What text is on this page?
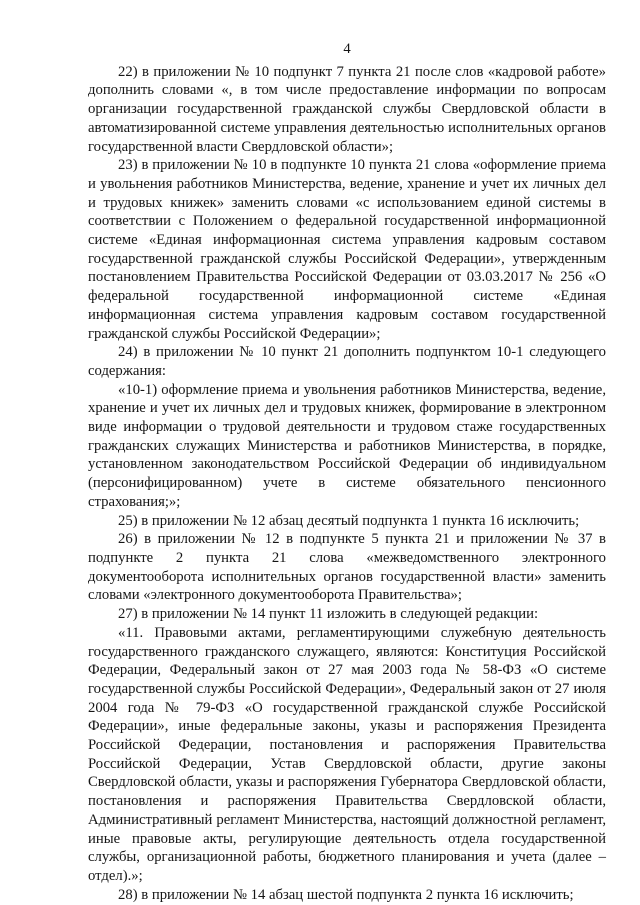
4

22) в приложении № 10 подпункт 7 пункта 21 после слов «кадровой работе» дополнить словами «, в том числе предоставление информации по вопросам организации государственной гражданской службы Свердловской области в автоматизированной системе управления деятельностью исполнительных органов государственной власти Свердловской области»;

23) в приложении № 10 в подпункте 10 пункта 21 слова «оформление приема и увольнения работников Министерства, ведение, хранение и учет их личных дел и трудовых книжек» заменить словами «с использованием единой системы в соответствии с Положением о федеральной государственной информационной системе «Единая информационная система управления кадровым составом государственной гражданской службы Российской Федерации», утвержденным постановлением Правительства Российской Федерации от 03.03.2017 № 256 «О федеральной государственной информационной системе «Единая информационная система управления кадровым составом государственной гражданской службы Российской Федерации»;

24) в приложении № 10 пункт 21 дополнить подпунктом 10-1 следующего содержания:

«10-1) оформление приема и увольнения работников Министерства, ведение, хранение и учет их личных дел и трудовых книжек, формирование в электронном виде информации о трудовой деятельности и трудовом стаже государственных гражданских служащих Министерства и работников Министерства, в порядке, установленном законодательством Российской Федерации об индивидуальном (персонифицированном) учете в системе обязательного пенсионного страхования;»;

25) в приложении № 12 абзац десятый подпункта 1 пункта 16 исключить;

26) в приложении № 12 в подпункте 5 пункта 21 и приложении № 37 в подпункте 2 пункта 21 слова «межведомственного электронного документооборота исполнительных органов государственной власти» заменить словами «электронного документооборота Правительства»;

27) в приложении № 14 пункт 11 изложить в следующей редакции:

«11. Правовыми актами, регламентирующими служебную деятельность государственного гражданского служащего, являются: Конституция Российской Федерации, Федеральный закон от 27 мая 2003 года № 58-ФЗ «О системе государственной службы Российской Федерации», Федеральный закон от 27 июля 2004 года № 79-ФЗ «О государственной гражданской службе Российской Федерации», иные федеральные законы, указы и распоряжения Президента Российской Федерации, постановления и распоряжения Правительства Российской Федерации, Устав Свердловской области, другие законы Свердловской области, указы и распоряжения Губернатора Свердловской области, постановления и распоряжения Правительства Свердловской области, Административный регламент Министерства, настоящий должностной регламент, иные правовые акты, регулирующие деятельность отдела государственной службы, организационной работы, бюджетного планирования и учета (далее – отдел).»;

28) в приложении № 14 абзац шестой подпункта 2 пункта 16 исключить;
